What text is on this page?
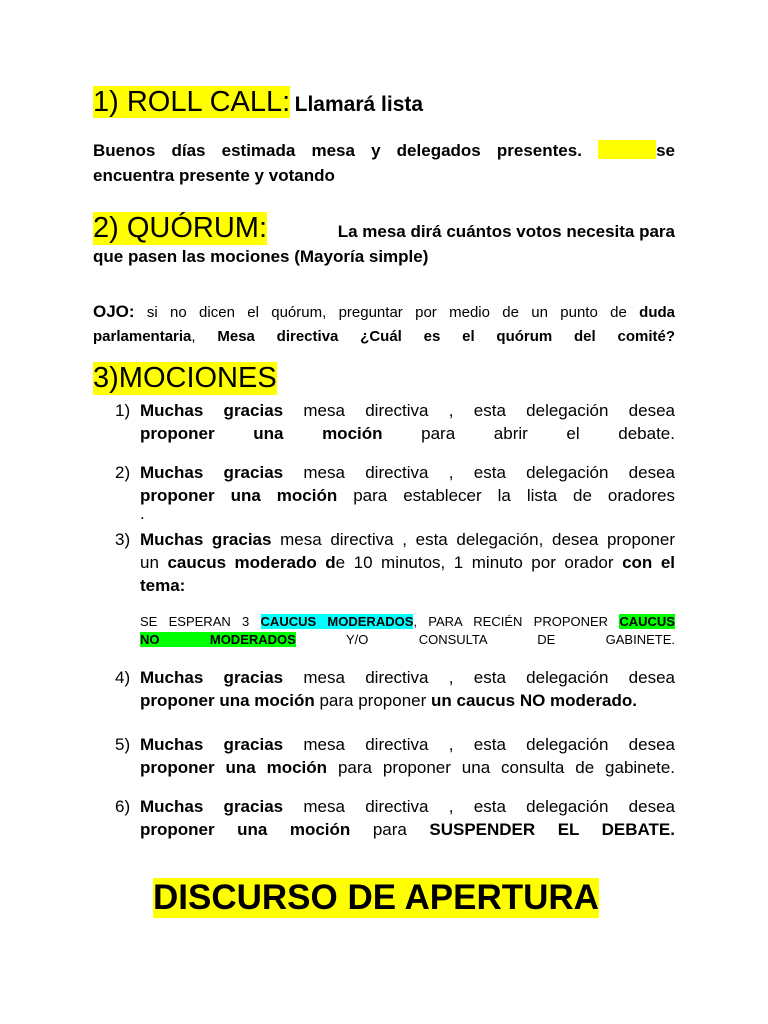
1) ROLL CALL: Llamará lista
Buenos días estimada mesa y delegados presentes.	se
encuentra presente y votando
2) QUÓRUM:	La mesa dirá cuántos votos necesita para
que pasen las mociones (Mayoría simple)
OJO: si no dicen el quórum, preguntar por medio de un punto de duda
parlamentaria, Mesa directiva ¿Cuál es el quórum del comité?
3)MOCIONES
1) Muchas gracias mesa directiva , esta delegación desea
proponer una moción para abrir el debate.
2) Muchas gracias mesa directiva , esta delegación desea
proponer una moción para establecer la lista de oradores
.
3) Muchas gracias mesa directiva , esta delegación, desea proponer
un caucus moderado de 10 minutos, 1 minuto por orador con el
tema:
SE ESPERAN 3 CAUCUS MODERADOS, PARA RECIÉN PROPONER CAUCUS
NO MODERADOS	Y/O CONSULTA DE GABINETE.
4) Muchas gracias mesa directiva , esta delegación desea
proponer una moción para proponer un caucus NO moderado.
5) Muchas gracias mesa directiva , esta delegación desea
proponer una moción para proponer una consulta de gabinete.
6) Muchas gracias mesa directiva , esta delegación desea
proponer una moción para SUSPENDER EL DEBATE.
DISCURSO DE APERTURA
